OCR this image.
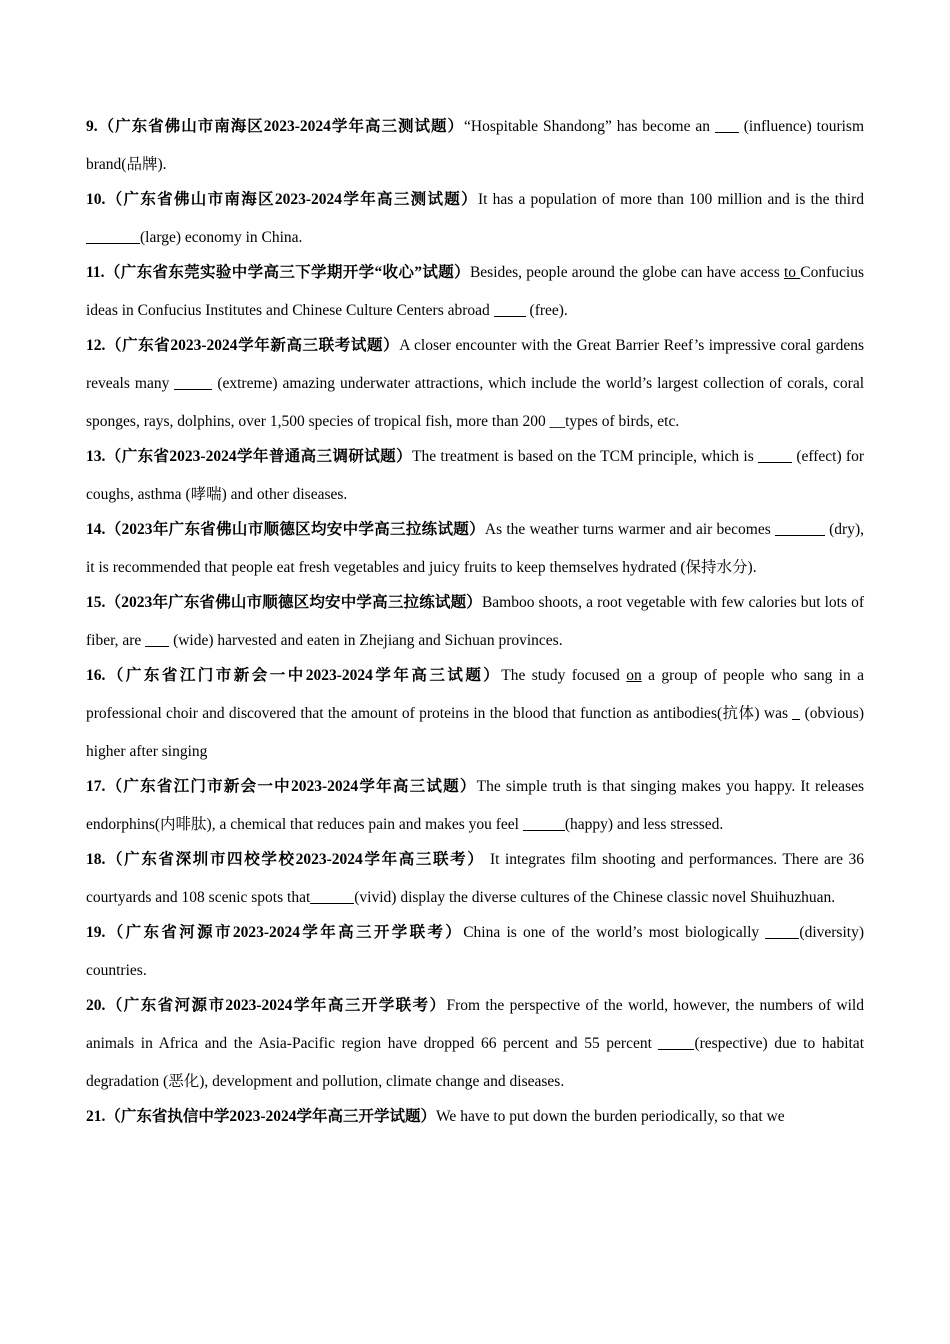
9.（广东省佛山市南海区2023-2024学年高三测试题）“Hospitable Shandong” has become an  (influence) tourism brand(品牌).

10.（广东省佛山市南海区2023-2024学年高三测试题）It has a population of more than 100 million and is the third(large) economy in China.

11.（广东省东莞实验中学高三下学期开学“收心”试题）Besides, people around the globe can have access to Confucius ideas in Confucius Institutes and Chinese Culture Centers abroad  (free).

12.（广东省2023-2024学年新高三联考试题）A closer encounter with the Great Barrier Reef’s impressive coral gardens reveals many  (extreme) amazing underwater attractions, which include the world’s largest collection of corals, coral sponges, rays, dolphins, over 1,500 species of tropical fish, more than 200 __types of birds, etc.

13.（广东省2023-2024学年普通高三调研试题）The treatment is based on the TCM principle, which is  (effect) for coughs, asthma (哮喘) and other diseases.

14.（2023年广东省佛山市顺德区均安中学高三拉练试题）As the weather turns warmer and air becomes	(dry), it is recommended that people eat fresh vegetables and juicy fruits to keep themselves hydrated (保持水分).

15.（2023年广东省佛山市顺德区均安中学高三拉练试题）Bamboo shoots, a root vegetable with few calories but lots of fiber, are  (wide) harvested and eaten in Zhejiang and Sichuan provinces.

16.（广东省江门市新会一中2023-2024学年高三试题）The study focused on a group of people who sang in a professional choir and discovered that the amount of proteins in the blood that function as antibodies(抗体) was  (obvious) higher after singing

17.（广东省江门市新会一中2023-2024学年高三试题）The simple truth is that singing makes you happy. It releases endorphins(内啡肽), a chemical that reduces pain and makes you feel	(happy) and less stressed.

18.（广东省深圳市四校学校2023-2024学年高三联考） It integrates film shooting and performances. There are 36 courtyards and 108 scenic spots that	(vivid) display the diverse cultures of the Chinese classic novel Shuihuzhuan.

19.（广东省河源市2023-2024学年高三开学联考）China is one of the world’s most biologically (diversity) countries.

20.（广东省河源市2023-2024学年高三开学联考）From the perspective of the world, however, the numbers of wild animals in Africa and the Asia-Pacific region have dropped 66 percent and 55 percent (respective) due to habitat degradation (恶化), development and pollution, climate change and diseases.

21.（广东省执信中学2023-2024学年高三开学试题）We have to put down the burden periodically, so that we
